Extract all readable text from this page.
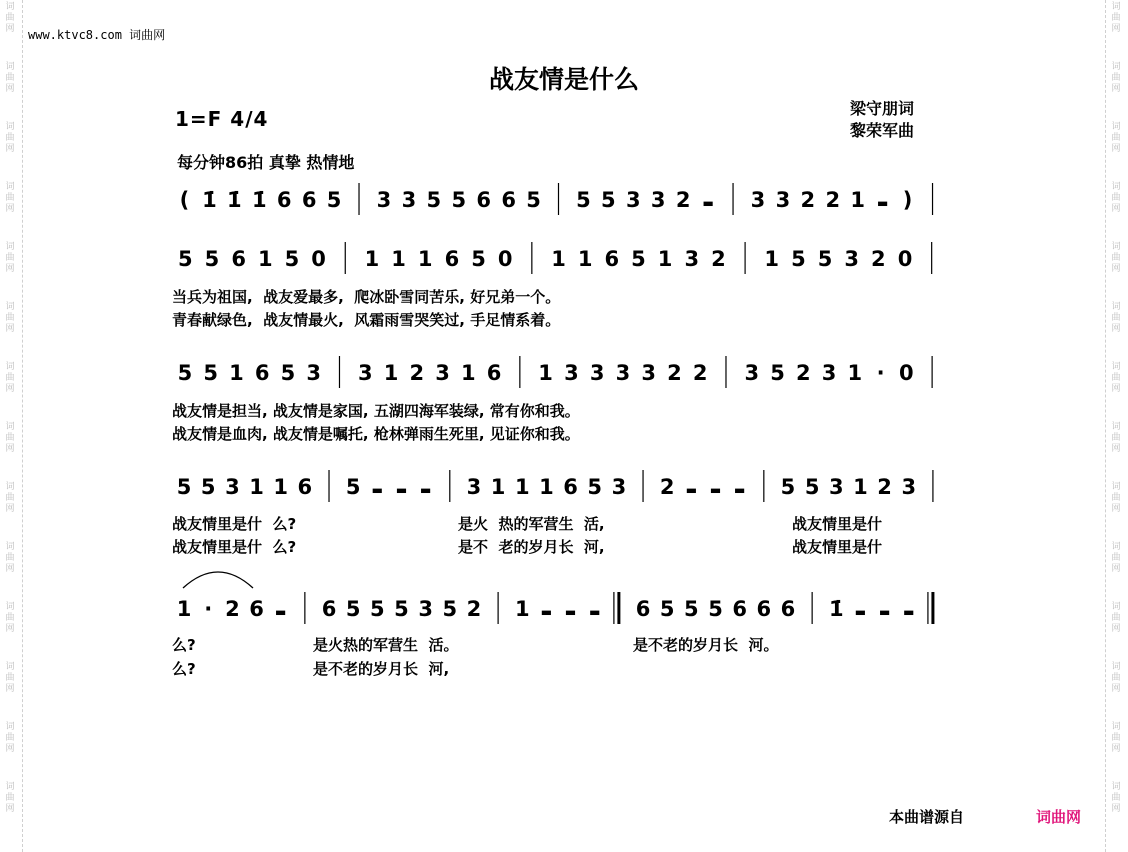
词
曲
网
词
曲
网
词
曲
网
词
曲
网
词
曲
网
词
曲
网
词
曲
网
词
曲
网
词
曲
网
词
曲
网
词
曲
网
词
曲
网
词
曲
网
词
曲
网
词
曲
网
词
曲
网
词
曲
网
词
曲
网
词
曲
网
词
曲
网
词
曲
网
词
曲
网
词
曲
网
词
曲
网
词
曲
网
词
曲
网
词
曲
网
词
曲
网
www.ktvc8.com 词曲网
战友情是什么
1=F 4/4	梁守朋词
黎荣军曲
每分钟86拍 真挚 热情地
( 1̇ 1̇ 1̇ 6 6 5 3 3 5 5 6 6 5 5 5 3 3 2 ▬ 3 3 2 2 1 ▬ )
5 5 6 1 5 0 1 1 1 6 5 0 1 1 6 5 1 3 2 1 5 5 3 2 0
5 5 1 6 5 3 3 1 2 3 1 6 1 3 3 3 3 2 2 3 5 2 3 1 · 0
5 5 3 1 1 6 5 ▬ ▬ ▬ 3 1 1 1 6 5 3 2 ▬ ▬ ▬ 5 5 3 1 2 3
1 · 2 6 ▬ 6 5 5 5 3 5 2 1 ▬ ▬ ▬ 6 5 5 5 6 6 6 1̇ ▬ ▬ ▬
当兵为祖国,  战友爱最多,  爬冰卧雪同苦乐, 好兄弟一个。
青春献绿色,  战友情最火,  风霜雨雪哭笑过, 手足情系着。
战友情是担当, 战友情是家国, 五湖四海军装绿, 常有你和我。
战友情是血肉, 战友情是嘱托, 枪林弹雨生死里, 见证你和我。
战友情里是什  么?	是火  热的军营生  活,	战友情里是什
战友情里是什  么?	是不  老的岁月长  河,	战友情里是什
么?	是火热的军营生  活。	是不老的岁月长  河。
么?	是不老的岁月长  河,
本曲谱源自	词曲网
